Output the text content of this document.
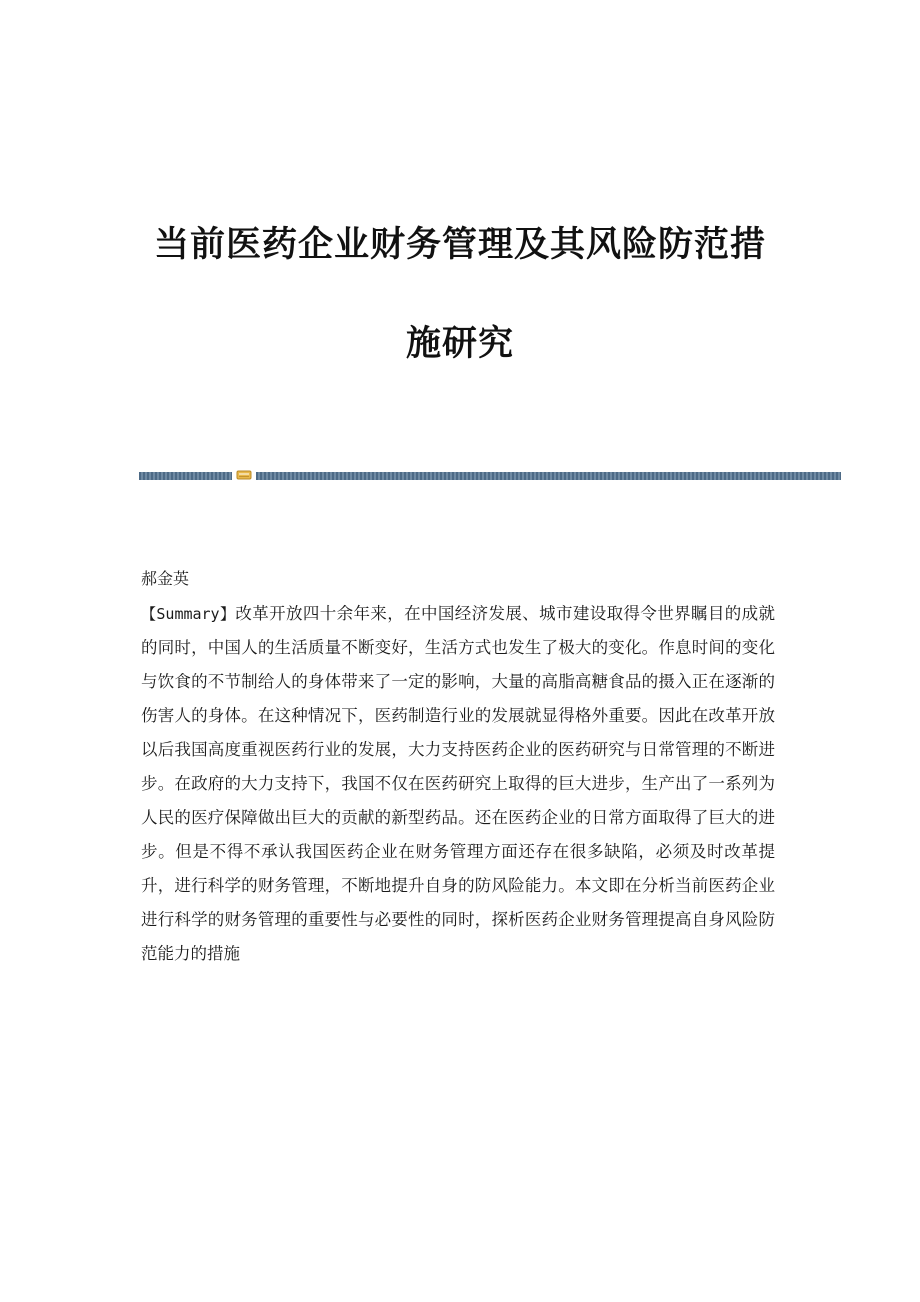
当前医药企业财务管理及其风险防范措
施研究

郝金英

【Summary】改革开放四十余年来，在中国经济发展、城市建设取得令世界瞩目的成就的同时，中国人的生活质量不断变好，生活方式也发生了极大的变化。作息时间的变化与饮食的不节制给人的身体带来了一定的影响，大量的高脂高糖食品的摄入正在逐渐的伤害人的身体。在这种情况下，医药制造行业的发展就显得格外重要。因此在改革开放以后我国高度重视医药行业的发展，大力支持医药企业的医药研究与日常管理的不断进步。在政府的大力支持下，我国不仅在医药研究上取得的巨大进步，生产出了一系列为人民的医疗保障做出巨大的贡献的新型药品。还在医药企业的日常方面取得了巨大的进步。但是不得不承认我国医药企业在财务管理方面还存在很多缺陷，必须及时改革提升，进行科学的财务管理，不断地提升自身的防风险能力。本文即在分析当前医药企业进行科学的财务管理的重要性与必要性的同时，探析医药企业财务管理提高自身风险防范能力的措施
